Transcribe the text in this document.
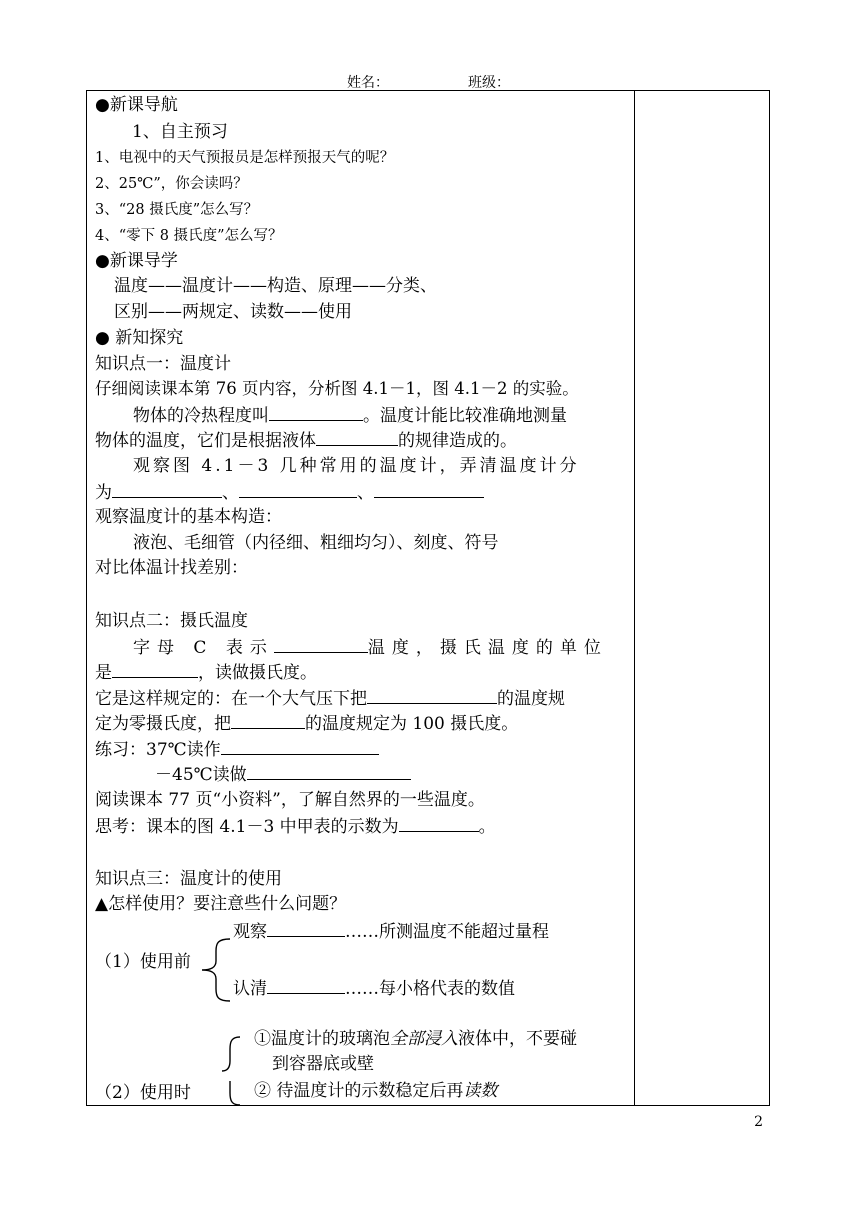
姓名：	班级：
●新课导航
1、自主预习
1、电视中的天气预报员是怎样预报天气的呢？
2、25℃”，你会读吗？
3、“28 摄氏度”怎么写？
4、“零下 8 摄氏度”怎么写？
●新课导学
温度——温度计——构造、原理——分类、
区别——两规定、读数——使用
● 新知探究
知识点一：温度计
仔细阅读课本第 76 页内容，分析图 4.1－1，图 4.1－2 的实验。
物体的冷热程度叫	。温度计能比较准确地测量
物体的温度，它们是根据液体	的规律造成的。
观察图 4.1－3 几种常用的温度计，弄清温度计分
为	、	、
观察温度计的基本构造：
液泡、毛细管（内径细、粗细均匀）、刻度、符号
对比体温计找差别：
知识点二：摄氏温度
字母 C 表示	温度，摄氏温度的单位
是	，读做摄氏度。
它是这样规定的：在一个大气压下把	的温度规
定为零摄氏度，把	的温度规定为 100 摄氏度。
练习：37℃读作
－45℃读做
阅读课本 77 页“小资料”，了解自然界的一些温度。
思考：课本的图 4.1－3 中甲表的示数为	。
知识点三：温度计的使用
▲怎样使用？要注意些什么问题？
观察	……所测温度不能超过量程
（1）使用前
认清	……每小格代表的数值
①温度计的玻璃泡全部浸入液体中，不要碰
到容器底或壁
（2）使用时	② 待温度计的示数稳定后再读数
2
